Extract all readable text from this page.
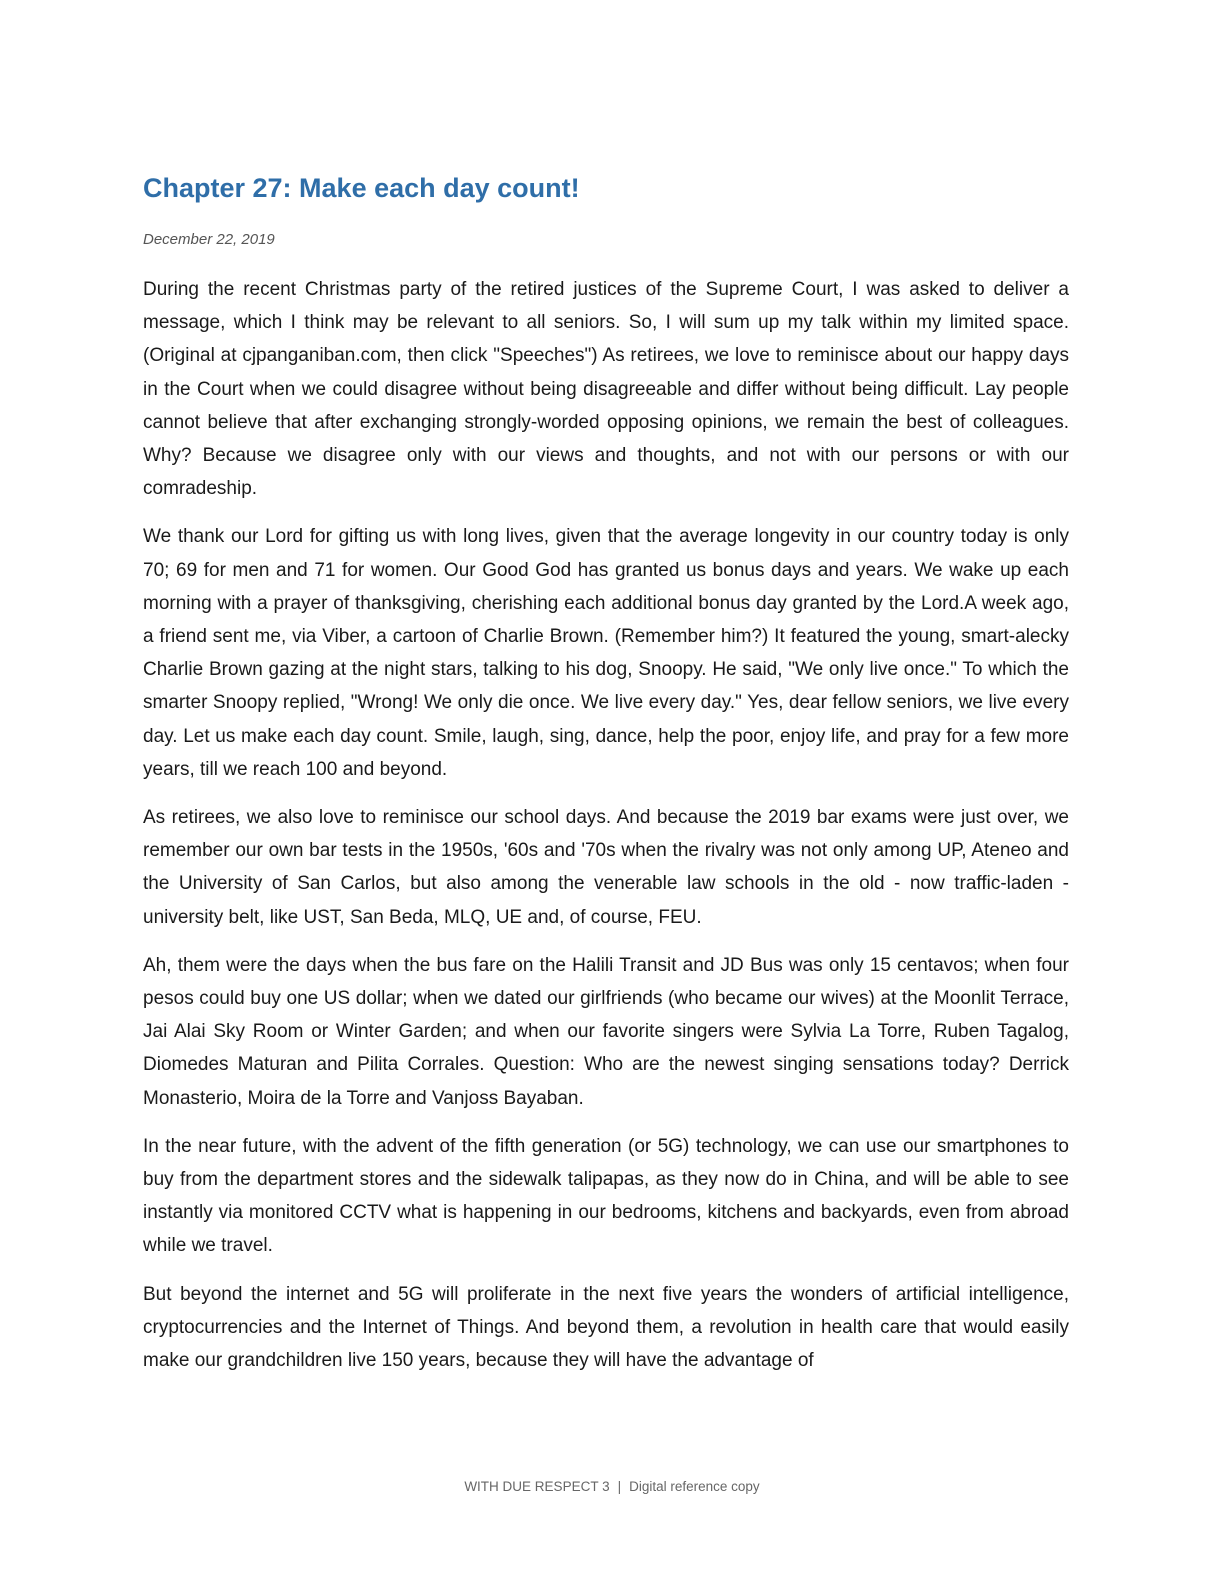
Chapter 27: Make each day count!

December 22, 2019

During the recent Christmas party of the retired justices of the Supreme Court, I was asked to deliver a message, which I think may be relevant to all seniors. So, I will sum up my talk within my limited space. (Original at cjpanganiban.com, then click "Speeches") As retirees, we love to reminisce about our happy days in the Court when we could disagree without being disagreeable and differ without being difficult. Lay people cannot believe that after exchanging strongly-worded opposing opinions, we remain the best of colleagues. Why? Because we disagree only with our views and thoughts, and not with our persons or with our comradeship.

We thank our Lord for gifting us with long lives, given that the average longevity in our country today is only 70; 69 for men and 71 for women. Our Good God has granted us bonus days and years. We wake up each morning with a prayer of thanksgiving, cherishing each additional bonus day granted by the Lord.A week ago, a friend sent me, via Viber, a cartoon of Charlie Brown. (Remember him?) It featured the young, smart-alecky Charlie Brown gazing at the night stars, talking to his dog, Snoopy. He said, "We only live once." To which the smarter Snoopy replied, "Wrong! We only die once. We live every day." Yes, dear fellow seniors, we live every day. Let us make each day count. Smile, laugh, sing, dance, help the poor, enjoy life, and pray for a few more years, till we reach 100 and beyond.

As retirees, we also love to reminisce our school days. And because the 2019 bar exams were just over, we remember our own bar tests in the 1950s, '60s and '70s when the rivalry was not only among UP, Ateneo and the University of San Carlos, but also among the venerable law schools in the old - now traffic-laden - university belt, like UST, San Beda, MLQ, UE and, of course, FEU.

Ah, them were the days when the bus fare on the Halili Transit and JD Bus was only 15 centavos; when four pesos could buy one US dollar; when we dated our girlfriends (who became our wives) at the Moonlit Terrace, Jai Alai Sky Room or Winter Garden; and when our favorite singers were Sylvia La Torre, Ruben Tagalog, Diomedes Maturan and Pilita Corrales. Question: Who are the newest singing sensations today? Derrick Monasterio, Moira de la Torre and Vanjoss Bayaban.

In the near future, with the advent of the fifth generation (or 5G) technology, we can use our smartphones to buy from the department stores and the sidewalk talipapas, as they now do in China, and will be able to see instantly via monitored CCTV what is happening in our bedrooms, kitchens and backyards, even from abroad while we travel.

But beyond the internet and 5G will proliferate in the next five years the wonders of artificial intelligence, cryptocurrencies and the Internet of Things. And beyond them, a revolution in health care that would easily make our grandchildren live 150 years, because they will have the advantage of

WITH DUE RESPECT 3 | Digital reference copy
